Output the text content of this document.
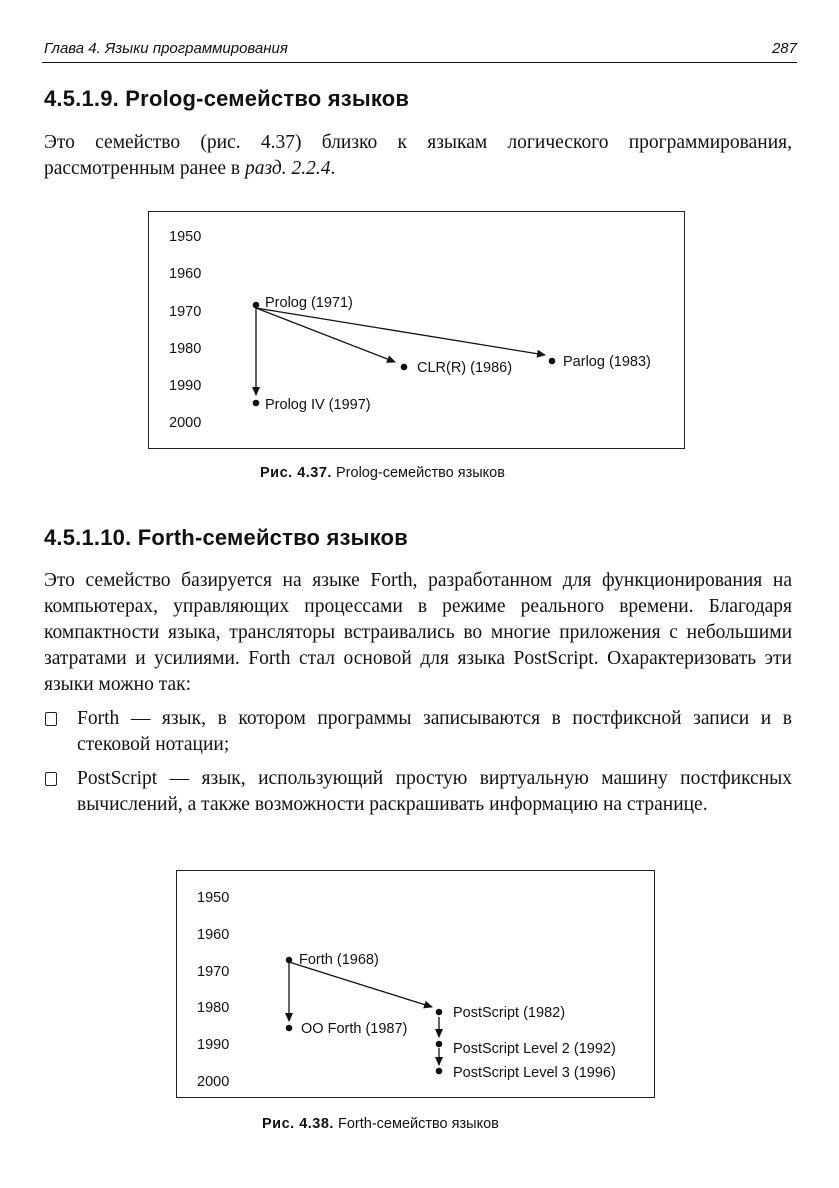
Глава 4. Языки программирования	287
4.5.1.9. Prolog-семейство языков

Это семейство (рис. 4.37) близко к языкам логического программирования, рассмотренным ранее в разд. 2.2.4.

1950
1960
1970
1980
1990
2000
Prolog (1971)
CLR(R) (1986)	Parlog (1983)
Prolog IV (1997)
Рис. 4.37. Prolog-семейство языков
4.5.1.10. Forth-семейство языков

Это семейство базируется на языке Forth, разработанном для функционирования на компьютерах, управляющих процессами в режиме реального времени. Благодаря компактности языка, трансляторы встраивались во многие приложения с небольшими затратами и усилиями. Forth стал основой для языка PostScript. Охарактеризовать эти языки можно так:

Forth — язык, в котором программы записываются в постфиксной записи и в стековой нотации;
PostScript — язык, использующий простую виртуальную машину постфиксных вычислений, а также возможности раскрашивать информацию на странице.
1950
1960
1970
1980
1990
2000
Forth (1968)
OO Forth (1987)
PostScript (1982)
PostScript Level 2 (1992)
PostScript Level 3 (1996)
Рис. 4.38. Forth-семейство языков
